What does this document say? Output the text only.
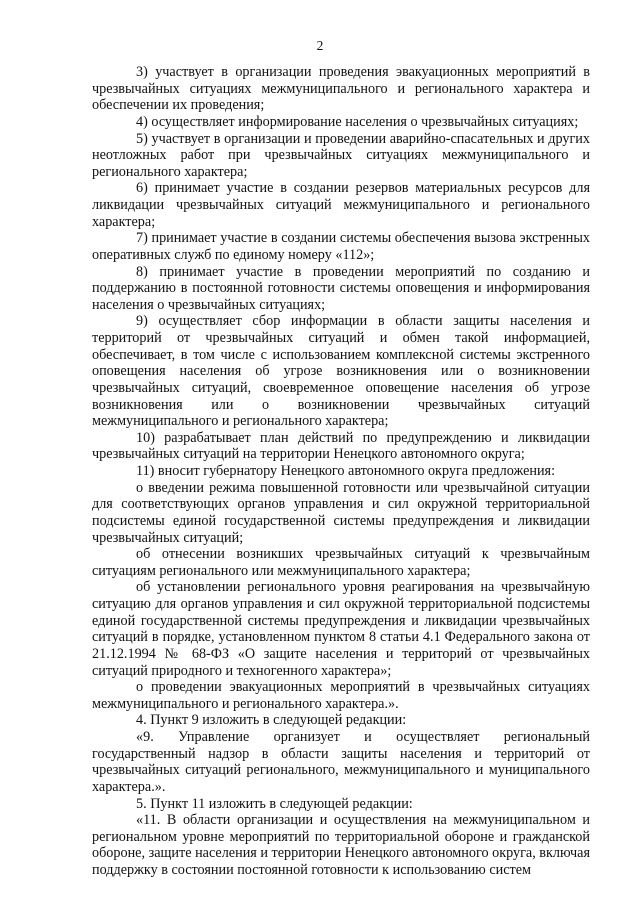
2

3) участвует в организации проведения эвакуационных мероприятий в чрезвычайных ситуациях межмуниципального и регионального характера и обеспечении их проведения;

4) осуществляет информирование населения о чрезвычайных ситуациях;

5) участвует в организации и проведении аварийно-спасательных и других неотложных работ при чрезвычайных ситуациях межмуниципального и регионального характера;

6) принимает участие в создании резервов материальных ресурсов для ликвидации чрезвычайных ситуаций межмуниципального и регионального характера;

7) принимает участие в создании системы обеспечения вызова экстренных оперативных служб по единому номеру «112»;

8) принимает участие в проведении мероприятий по созданию и поддержанию в постоянной готовности системы оповещения и информирования населения о чрезвычайных ситуациях;

9) осуществляет сбор информации в области защиты населения и территорий от чрезвычайных ситуаций и обмен такой информацией, обеспечивает, в том числе с использованием комплексной системы экстренного оповещения населения об угрозе возникновения или о возникновении чрезвычайных ситуаций, своевременное оповещение населения об угрозе возникновения или о возникновении чрезвычайных ситуаций межмуниципального и регионального характера;

10) разрабатывает план действий по предупреждению и ликвидации чрезвычайных ситуаций на территории Ненецкого автономного округа;

11) вносит губернатору Ненецкого автономного округа предложения:

о введении режима повышенной готовности или чрезвычайной ситуации для соответствующих органов управления и сил окружной территориальной подсистемы единой государственной системы предупреждения и ликвидации чрезвычайных ситуаций;

об отнесении возникших чрезвычайных ситуаций к чрезвычайным ситуациям регионального или межмуниципального характера;

об установлении регионального уровня реагирования на чрезвычайную ситуацию для органов управления и сил окружной территориальной подсистемы единой государственной системы предупреждения и ликвидации чрезвычайных ситуаций в порядке, установленном пунктом 8 статьи 4.1 Федерального закона от 21.12.1994 № 68-ФЗ «О защите населения и территорий от чрезвычайных ситуаций природного и техногенного характера»;

о проведении эвакуационных мероприятий в чрезвычайных ситуациях межмуниципального и регионального характера.».

4. Пункт 9 изложить в следующей редакции:

«9. Управление организует и осуществляет региональный государственный надзор в области защиты населения и территорий от чрезвычайных ситуаций регионального, межмуниципального и муниципального характера.».

5. Пункт 11 изложить в следующей редакции:

«11. В области организации и осуществления на межмуниципальном и региональном уровне мероприятий по территориальной обороне и гражданской обороне, защите населения и территории Ненецкого автономного округа, включая поддержку в состоянии постоянной готовности к использованию систем
